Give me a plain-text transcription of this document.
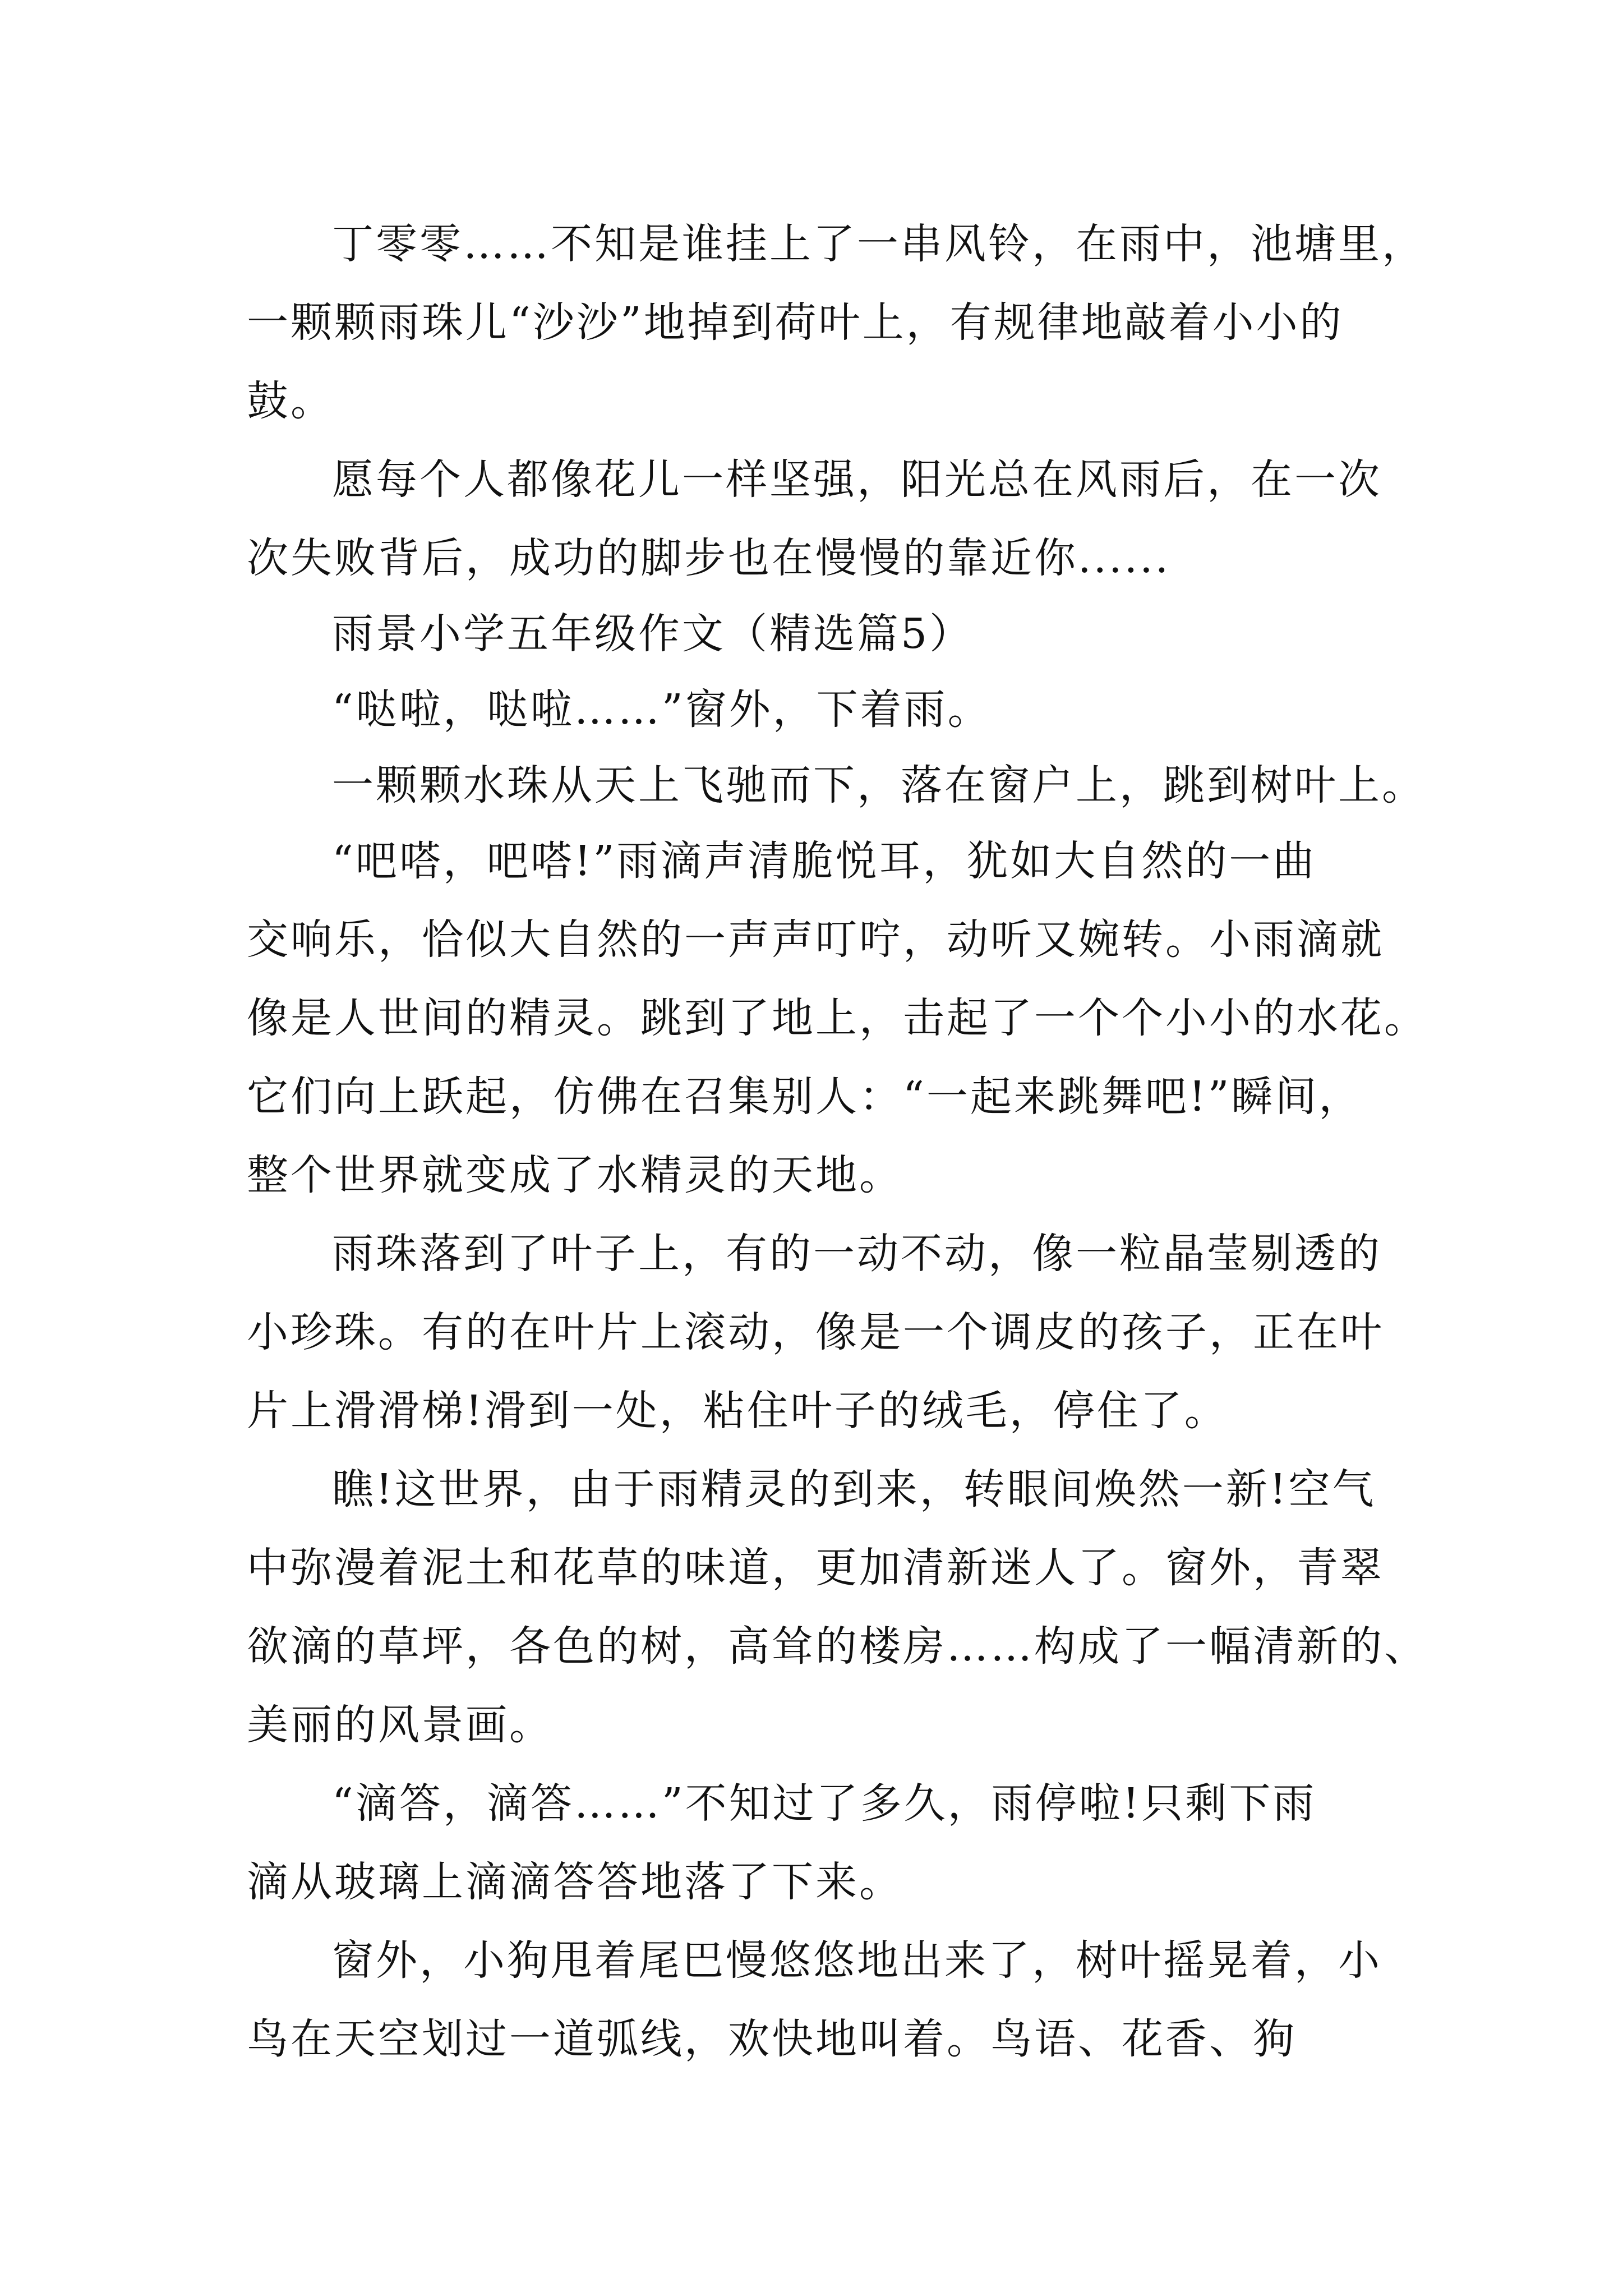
丁零零……不知是谁挂上了一串风铃，在雨中，池塘里，
一颗颗雨珠儿“沙沙”地掉到荷叶上，有规律地敲着小小的
鼓。
愿每个人都像花儿一样坚强，阳光总在风雨后，在一次
次失败背后，成功的脚步也在慢慢的靠近你......
雨景小学五年级作文（精选篇5）
“哒啦，哒啦……”窗外，下着雨。
一颗颗水珠从天上飞驰而下，落在窗户上，跳到树叶上。
“吧嗒，吧嗒!”雨滴声清脆悦耳，犹如大自然的一曲
交响乐，恰似大自然的一声声叮咛，动听又婉转。小雨滴就
像是人世间的精灵。跳到了地上，击起了一个个小小的水花。
它们向上跃起，仿佛在召集别人：“一起来跳舞吧!”瞬间，
整个世界就变成了水精灵的天地。
雨珠落到了叶子上，有的一动不动，像一粒晶莹剔透的
小珍珠。有的在叶片上滚动，像是一个调皮的孩子，正在叶
片上滑滑梯!滑到一处，粘住叶子的绒毛，停住了。
瞧!这世界，由于雨精灵的到来，转眼间焕然一新!空气
中弥漫着泥土和花草的味道，更加清新迷人了。窗外，青翠
欲滴的草坪，各色的树，高耸的楼房……构成了一幅清新的、
美丽的风景画。
“滴答，滴答……”不知过了多久，雨停啦!只剩下雨
滴从玻璃上滴滴答答地落了下来。
窗外，小狗甩着尾巴慢悠悠地出来了，树叶摇晃着，小
鸟在天空划过一道弧线，欢快地叫着。鸟语、花香、狗
